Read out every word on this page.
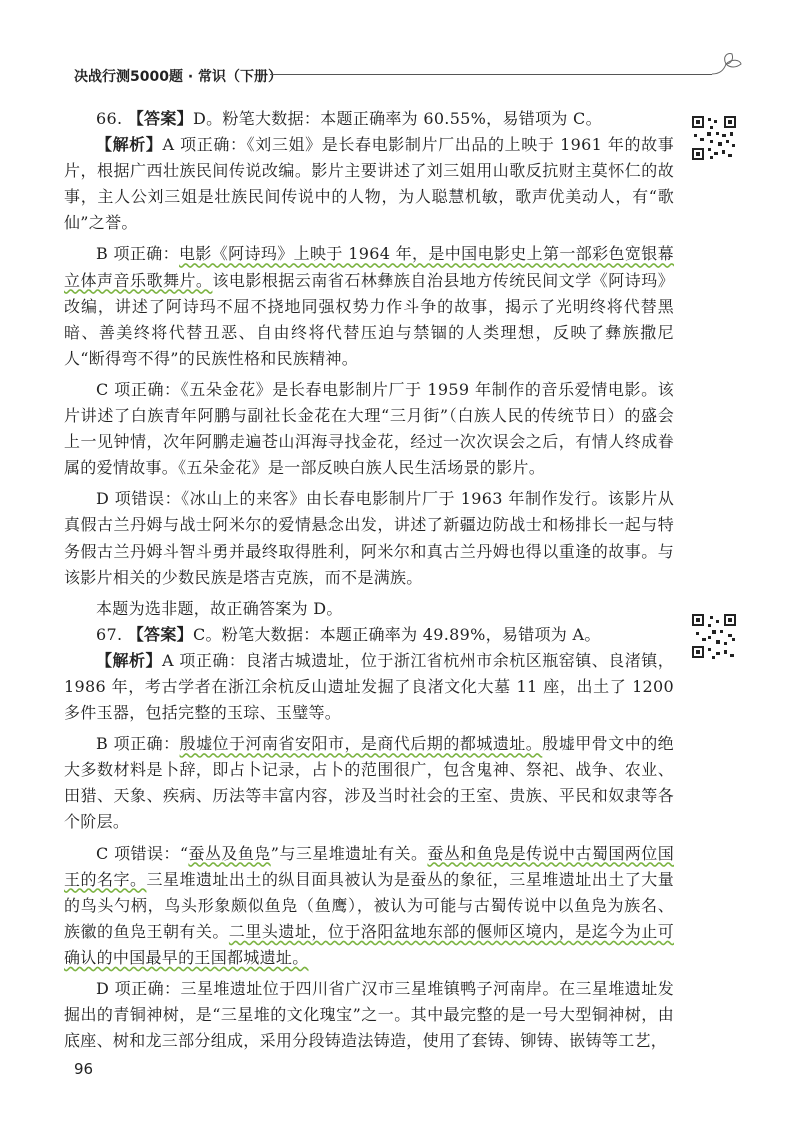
决战行测5000题 · 常识（下册）

66. 【答案】D。粉笔大数据：本题正确率为 60.55%，易错项为 C。

【解析】A 项正确：《刘三姐》是长春电影制片厂出品的上映于 1961 年的故事片，根据广西壮族民间传说改编。影片主要讲述了刘三姐用山歌反抗财主莫怀仁的故事，主人公刘三姐是壮族民间传说中的人物，为人聪慧机敏，歌声优美动人，有“歌仙”之誉。

B 项正确：电影《阿诗玛》上映于 1964 年，是中国电影史上第一部彩色宽银幕立体声音乐歌舞片。该电影根据云南省石林彝族自治县地方传统民间文学《阿诗玛》改编，讲述了阿诗玛不屈不挠地同强权势力作斗争的故事，揭示了光明终将代替黑暗、善美终将代替丑恶、自由终将代替压迫与禁锢的人类理想，反映了彝族撒尼人“断得弯不得”的民族性格和民族精神。

C 项正确：《五朵金花》是长春电影制片厂于 1959 年制作的音乐爱情电影。该片讲述了白族青年阿鹏与副社长金花在大理“三月街”（白族人民的传统节日）的盛会上一见钟情，次年阿鹏走遍苍山洱海寻找金花，经过一次次误会之后，有情人终成眷属的爱情故事。《五朵金花》是一部反映白族人民生活场景的影片。

D 项错误：《冰山上的来客》由长春电影制片厂于 1963 年制作发行。该影片从真假古兰丹姆与战士阿米尔的爱情悬念出发，讲述了新疆边防战士和杨排长一起与特务假古兰丹姆斗智斗勇并最终取得胜利，阿米尔和真古兰丹姆也得以重逢的故事。与该影片相关的少数民族是塔吉克族，而不是满族。

本题为选非题，故正确答案为 D。

67. 【答案】C。粉笔大数据：本题正确率为 49.89%，易错项为 A。

【解析】A 项正确：良渚古城遗址，位于浙江省杭州市余杭区瓶窑镇、良渚镇，1986 年，考古学者在浙江余杭反山遗址发掘了良渚文化大墓 11 座，出土了 1200 多件玉器，包括完整的玉琮、玉璧等。

B 项正确：殷墟位于河南省安阳市，是商代后期的都城遗址。殷墟甲骨文中的绝大多数材料是卜辞，即占卜记录，占卜的范围很广，包含鬼神、祭祀、战争、农业、田猎、天象、疾病、历法等丰富内容，涉及当时社会的王室、贵族、平民和奴隶等各个阶层。

C 项错误：“蚕丛及鱼凫”与三星堆遗址有关。蚕丛和鱼凫是传说中古蜀国两位国王的名字。三星堆遗址出土的纵目面具被认为是蚕丛的象征，三星堆遗址出土了大量的鸟头勺柄，鸟头形象颇似鱼凫（鱼鹰），被认为可能与古蜀传说中以鱼凫为族名、族徽的鱼凫王朝有关。二里头遗址，位于洛阳盆地东部的偃师区境内，是迄今为止可确认的中国最早的王国都城遗址。

D 项正确：三星堆遗址位于四川省广汉市三星堆镇鸭子河南岸。在三星堆遗址发掘出的青铜神树，是“三星堆的文化瑰宝”之一。其中最完整的是一号大型铜神树，由底座、树和龙三部分组成，采用分段铸造法铸造，使用了套铸、铆铸、嵌铸等工艺，

96
